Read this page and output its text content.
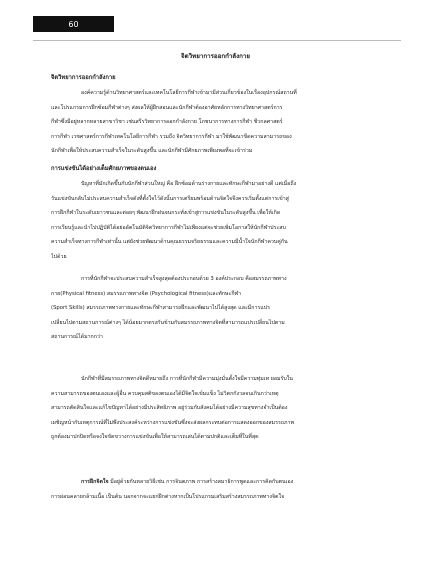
60
จิตวิทยาการออกกำลังกาย
จิตวิทยาการออกกำลังกาย
องค์ความรู้ด้านวิทยาศาสตร์และเทคโนโลยีการกีฬาเข้ามามีส่วนเกี่ยวข้องในเรื่องอุปกรณ์สถานที่
และโปรแกรมการฝึกซ้อมกีฬาต่างๆ ส่งผลให้ผู้ฝึกสอนและนักกีฬาต้องอาศัยหลักการทางวิทยาศาสตร์การ
กีฬาซึ่งมีอยู่หลากหลายสาขาวิชา เช่นสรีรวิทยาการออกกำลังกาย โภชนาการทางการกีฬา ชีวกลศาสตร์
การกีฬา เวชศาสตร์การกีฬาเทคโนโลยีการกีฬา รวมถึง จิตวิทยาการกีฬา มาใช้พัฒนาขีดความสามารถของ
นักกีฬาเพื่อให้ประสบความสำเร็จในระดับสูงขึ้น และนักกีฬามีศักยภาพเพียงพอที่จะเข้าร่วม
การแข่งขันได้อย่างเต็มศักยภาพของตนเอง
ปัญหาที่มักเกิดขึ้นกับนักกีฬาส่วนใหญ่ คือ ฝึกซ้อมด้านร่างกายและทักษะกีฬามาอย่างดี แต่เมื่อถึง
วันแข่งขันกลับไม่ประสบความสำเร็จดังที่ตั้งใจไว้ดังนั้นการเตรียมพร้อมด้านจิตใจจึงควรเริ่มตั้งแต่การเข้าสู่
การฝึกกีฬาในระดับเยาวชนและต่อยๆ พัฒนาฝึกฝนจนกระทั่งเข้าสู่การแข่งขันในระดับสูงขึ้น เพื่อให้เกิด
การเรียนรู้และนำไปปฏิบัติได้อย่ออัตโนมัติจิตวิทยาการกีฬาไม่เพียงแต่จะช่วยเพิ่มโอกาสให้นักกีฬาประสบ
ความสำเร็จทางการกีฬาเท่านั้น แต่ยังช่วยพัฒนาด้านคุณธรรมจริยธรรมและความมีน้ำใจนักกีฬาควบคู่กัน
ไปด้วย
การที่นักกีฬาจะประสบความสำเร็จสูงสุดต้องประกอบด้วย 3 องค์ประกอบ คือสมรรถภาพทาง
กาย(Physical fitness) สมรรถภาพทางจิต (Psychological fitness)และทักษะกีฬา
(Sport Skills) สมรรถภาพทางกายและทักษะกีฬาสามารถฝึกและพัฒนาไปได้สูงสุด และมีการแปร
เปลี่ยนไปตามสถานการณ์ต่างๆ ได้น้อยมากตรงกันข้ามกับสมรรถภาพทางจิตที่สามารถแปรเปลี่ยนไปตาม
สถานการณ์ได้มากกว่า
นักกีฬาที่มีสมรรถภาพทางจิตดีหมายถึง การที่นักกีฬามีความมุ่งมั่นตั้งใจมีความทุ่มเท ยอมรับใน
ความสามารถของตนเองและผู้อื่น ควบคุมสติของตนเองได้มีจิตใจเข้มแข็ง ไม่วิตกกังวลจนเกินกว่าเหตุ
สามารถตัดสินใจและแก้ไขปัญหาได้อย่างมีประสิทธิภาพ อยู่ร่วมกับสังคมได้อย่างมีความสุขทางจำเป็นต้อง
เผชิญหน้ากับเหตุการณ์ที่ไม่พึงประสงค์ระหว่างการแข่งขันซึ่งจะส่งผลกระทบต่อการแสดงออกของสมรรถภาพ
ถูกต้องมาปกปิดหรือจงใจขัดขวางการแข่งขันเพื่อให้สามารถเล่นได้ตามปกติและเต็มที่ในที่สุด
การฝึกจิตใจ มีอยู่ด้วยกันหลายวิธีเช่น การจินตภาพ การสร้างสมาธิการพูดและการคิดกับตนเอง
การผ่อนคลายกล้ามเนื้อ เป็นต้น นอกจากจะแยกฝึกต่างหากเป็นโปรแกรมเสริมสร้างสมรรถภาพทางจิตใจ
